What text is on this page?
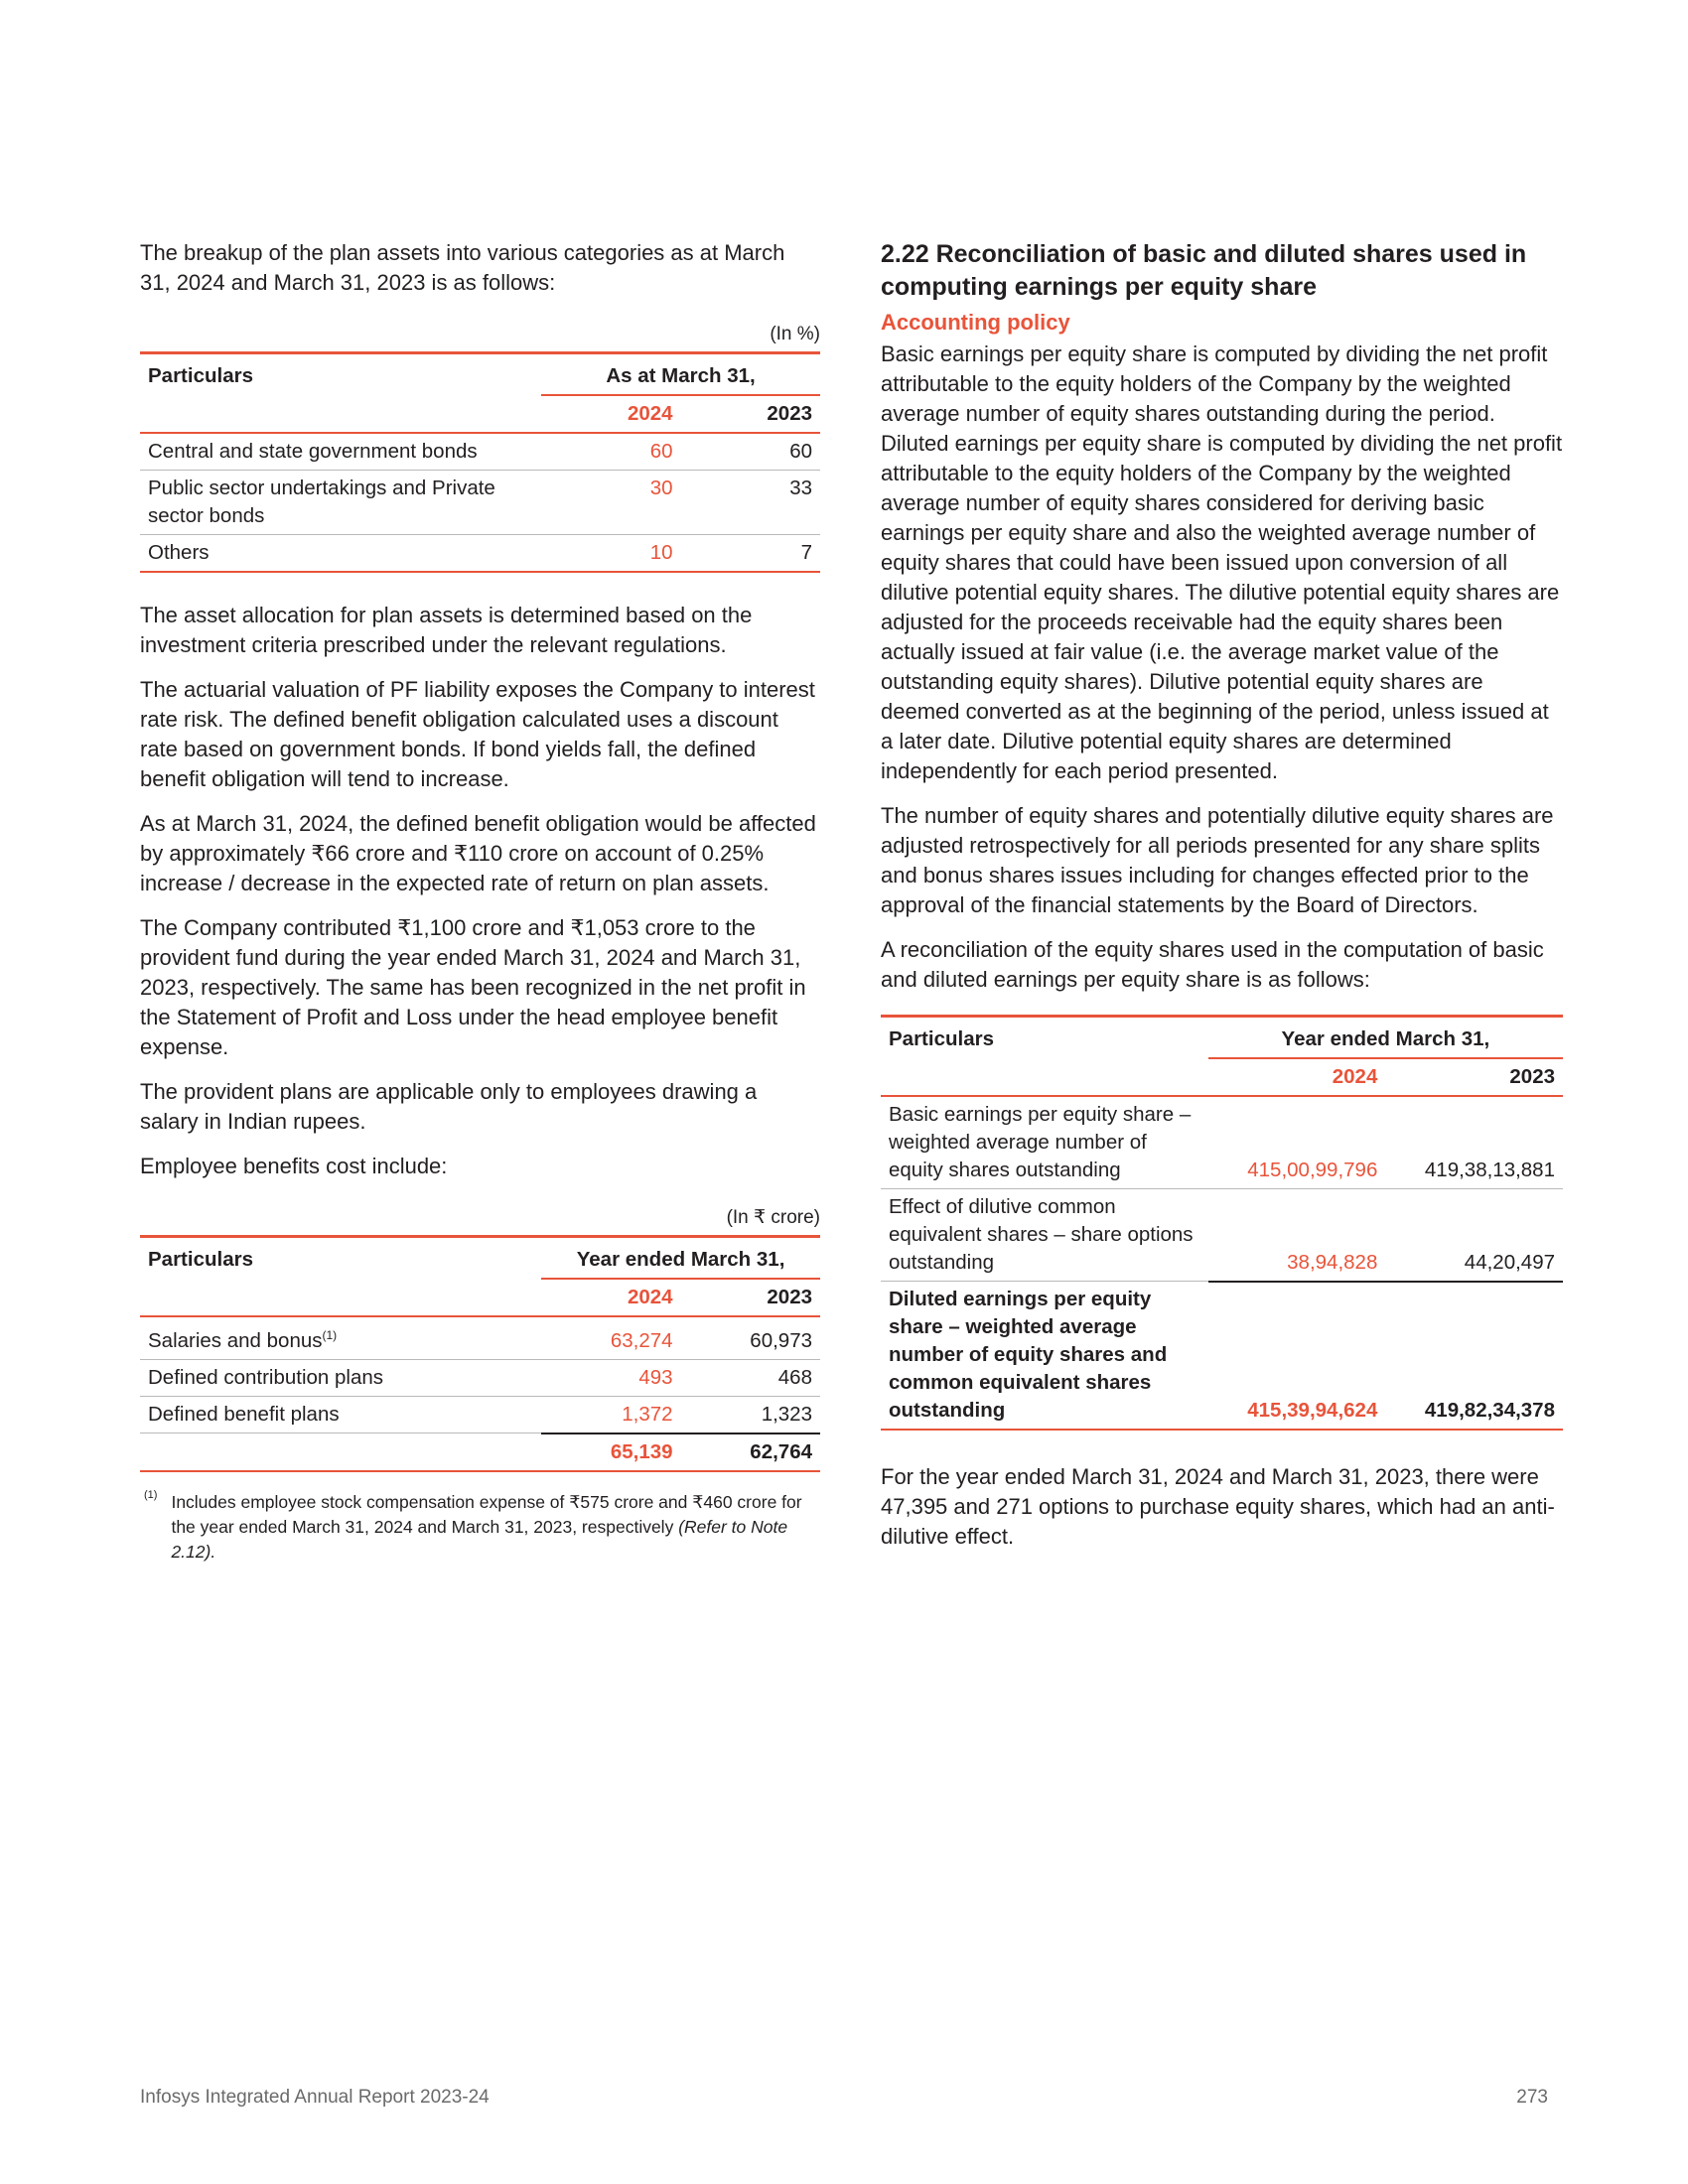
The breakup of the plan assets into various categories as at March 31, 2024 and March 31, 2023 is as follows:

(In %)
Particulars	As at March 31,	
	2024	2023
Central and state government bonds	60	60
Public sector undertakings and Private sector bonds	30	33
Others	10	7

The asset allocation for plan assets is determined based on the investment criteria prescribed under the relevant regulations.

The actuarial valuation of PF liability exposes the Company to interest rate risk. The defined benefit obligation calculated uses a discount rate based on government bonds. If bond yields fall, the defined benefit obligation will tend to increase.

As at March 31, 2024, the defined benefit obligation would be affected by approximately ₹66 crore and ₹110 crore on account of 0.25% increase / decrease in the expected rate of return on plan assets.

The Company contributed ₹1,100 crore and ₹1,053 crore to the provident fund during the year ended March 31, 2024 and March 31, 2023, respectively. The same has been recognized in the net profit in the Statement of Profit and Loss under the head employee benefit expense.

The provident plans are applicable only to employees drawing a salary in Indian rupees.

Employee benefits cost include:

(In ₹ crore)
Particulars	Year ended March 31,	
	2024	2023
Salaries and bonus$^{(1)}$	63,274	60,973
Defined contribution plans	493	468
Defined benefit plans	1,372	1,323
	65,139	62,764
(1) Includes employee stock compensation expense of ₹575 crore and ₹460 crore for the year ended March 31, 2024 and March 31, 2023, respectively (Refer to Note 2.12).
2.22 Reconciliation of basic and diluted shares used in computing earnings per equity share
Accounting policy

Basic earnings per equity share is computed by dividing the net profit attributable to the equity holders of the Company by the weighted average number of equity shares outstanding during the period. Diluted earnings per equity share is computed by dividing the net profit attributable to the equity holders of the Company by the weighted average number of equity shares considered for deriving basic earnings per equity share and also the weighted average number of equity shares that could have been issued upon conversion of all dilutive potential equity shares. The dilutive potential equity shares are adjusted for the proceeds receivable had the equity shares been actually issued at fair value (i.e. the average market value of the outstanding equity shares). Dilutive potential equity shares are deemed converted as at the beginning of the period, unless issued at a later date. Dilutive potential equity shares are determined independently for each period presented.

The number of equity shares and potentially dilutive equity shares are adjusted retrospectively for all periods presented for any share splits and bonus shares issues including for changes effected prior to the approval of the financial statements by the Board of Directors.

A reconciliation of the equity shares used in the computation of basic and diluted earnings per equity share is as follows:

Particulars	Year ended March 31,	
	2024	2023
Basic earnings per equity share – weighted average number of equity shares outstanding	415,00,99,796	419,38,13,881
Effect of dilutive common equivalent shares – share options outstanding	38,94,828	44,20,497
Diluted earnings per equity share – weighted average number of equity shares and common equivalent shares outstanding	415,39,94,624	419,82,34,378

For the year ended March 31, 2024 and March 31, 2023, there were 47,395 and 271 options to purchase equity shares, which had an anti-dilutive effect.

Infosys Integrated Annual Report 2023-24	273
